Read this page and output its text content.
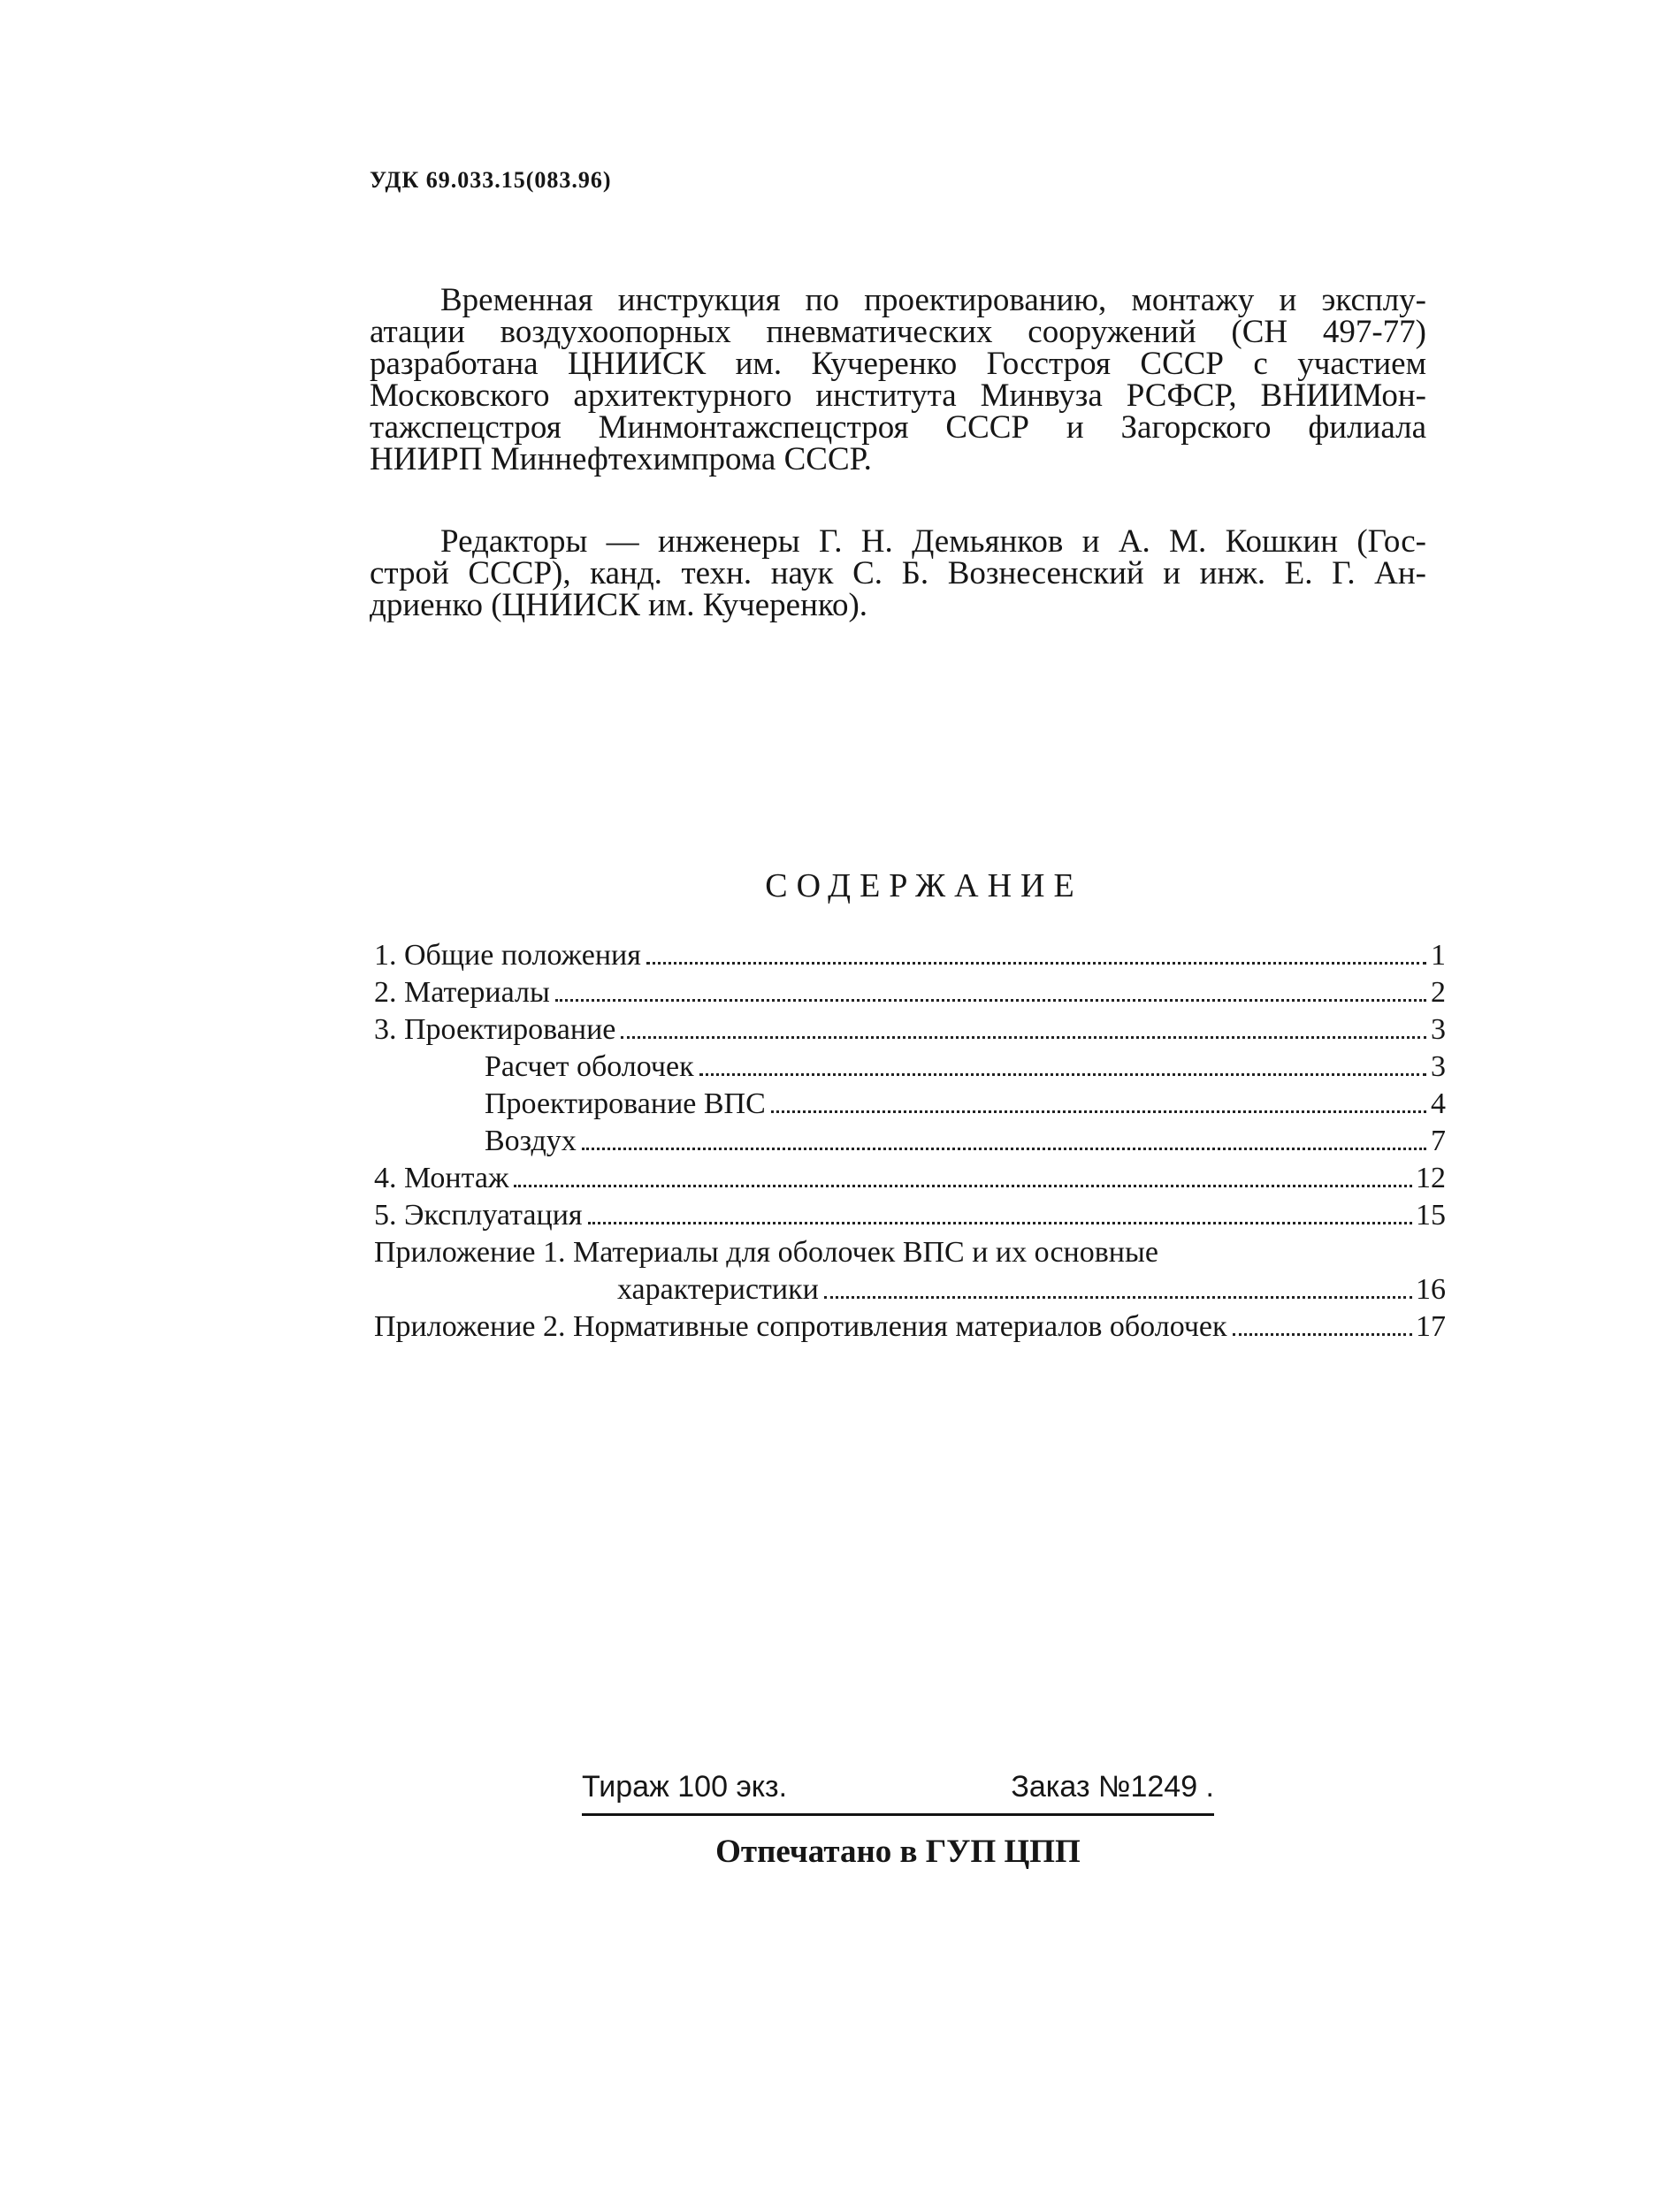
УДК 69.033.15(083.96)

Временная инструкция по проектированию, монтажу и эксплу-
атации воздухоопорных пневматических сооружений (СН 497-77)
разработана ЦНИИСК им. Кучеренко Госстроя СССР с участием
Московского архитектурного института Минвуза РСФСР, ВНИИМон-
тажспецстроя Минмонтажспецстроя СССР и Загорского филиала
НИИРП Миннефтехимпрома СССР.

Редакторы — инженеры Г. Н. Демьянков и А. М. Кошкин (Гос-
строй СССР), канд. техн. наук С. Б. Вознесенский и инж. Е. Г. Ан-
дриенко (ЦНИИСК им. Кучеренко).

СОДЕРЖАНИЕ
1. Общие положения	1
2. Материалы	2
3. Проектирование	3
Расчет оболочек	3
Проектирование ВПС	4
Воздух	7
4. Монтаж	12
5. Эксплуатация	15
Приложение 1. Материалы для оболочек ВПС и их основные
характеристики	16
Приложение 2. Нормативные сопротивления материалов оболочек	17
Тираж 100 экз.	Заказ №1249 .
Отпечатано в ГУП ЦПП
